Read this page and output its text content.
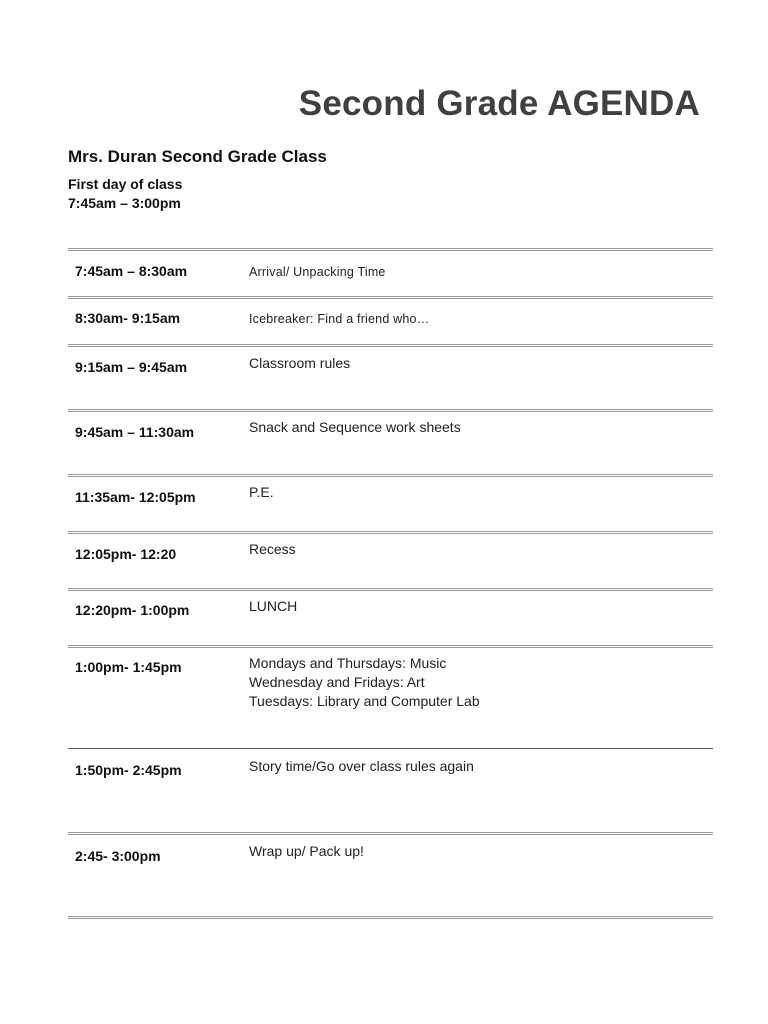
Second Grade AGENDA
Mrs. Duran Second Grade Class
First day of class
7:45am – 3:00pm
7:45am – 8:30am	Arrival/ Unpacking Time
8:30am- 9:15am	Icebreaker: Find a friend who…
9:15am – 9:45am	Classroom rules
9:45am – 11:30am	Snack and Sequence work sheets
11:35am- 12:05pm	P.E.
12:05pm- 12:20	Recess
12:20pm- 1:00pm	LUNCH
1:00pm- 1:45pm	Mondays and Thursdays: Music
Wednesday and Fridays: Art
Tuesdays: Library and Computer Lab
1:50pm- 2:45pm	Story time/Go over class rules again
2:45- 3:00pm	Wrap up/ Pack up!
